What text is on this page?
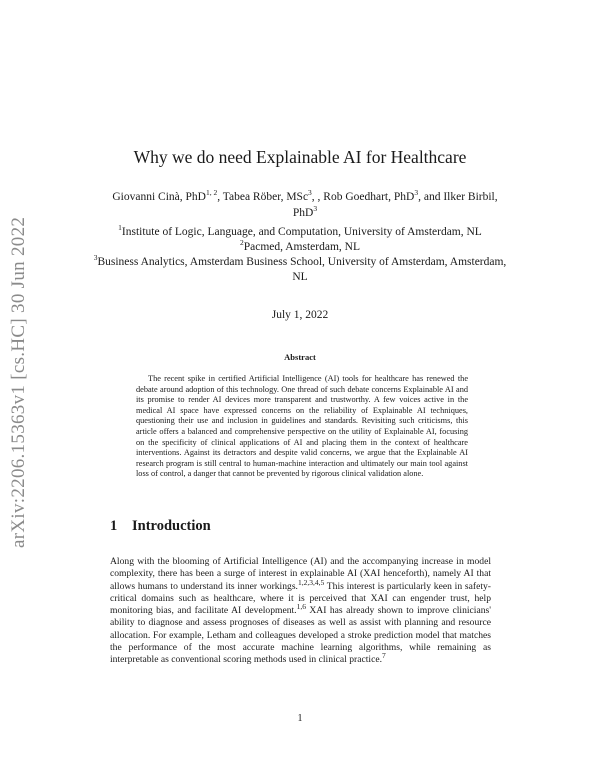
arXiv:2206.15363v1 [cs.HC] 30 Jun 2022
Why we do need Explainable AI for Healthcare
Giovanni Cinà, PhD$^{1, 2}$, Tabea Röber, MSc$^3$, , Rob Goedhart, PhD$^3$, and Ilker Birbil, PhD$^3$
$^1$Institute of Logic, Language, and Computation, University of Amsterdam, NL
$^2$Pacmed, Amsterdam, NL
$^3$Business Analytics, Amsterdam Business School, University of Amsterdam, Amsterdam, NL
July 1, 2022
Abstract

The recent spike in certified Artificial Intelligence (AI) tools for healthcare has renewed the debate around adoption of this technology. One thread of such debate concerns Explainable AI and its promise to render AI devices more transparent and trustworthy. A few voices active in the medical AI space have expressed concerns on the reliability of Explainable AI techniques, questioning their use and inclusion in guidelines and standards. Revisiting such criticisms, this article offers a balanced and comprehensive perspective on the utility of Explainable AI, focusing on the specificity of clinical applications of AI and placing them in the context of healthcare interventions. Against its detractors and despite valid concerns, we argue that the Explainable AI research program is still central to human-machine interaction and ultimately our main tool against loss of control, a danger that cannot be prevented by rigorous clinical validation alone.

1 Introduction

Along with the blooming of Artificial Intelligence (AI) and the accompanying increase in model complexity, there has been a surge of interest in explainable AI (XAI henceforth), namely AI that allows humans to understand its inner workings.$^{1,2,3,4,5}$ This interest is particularly keen in safety-critical domains such as healthcare, where it is perceived that XAI can engender trust, help monitoring bias, and facilitate AI development.$^{1,6}$ XAI has already shown to improve clinicians' ability to diagnose and assess prognoses of diseases as well as assist with planning and resource allocation. For example, Letham and colleagues developed a stroke prediction model that matches the performance of the most accurate machine learning algorithms, while remaining as interpretable as conventional scoring methods used in clinical practice.$^7$

1
